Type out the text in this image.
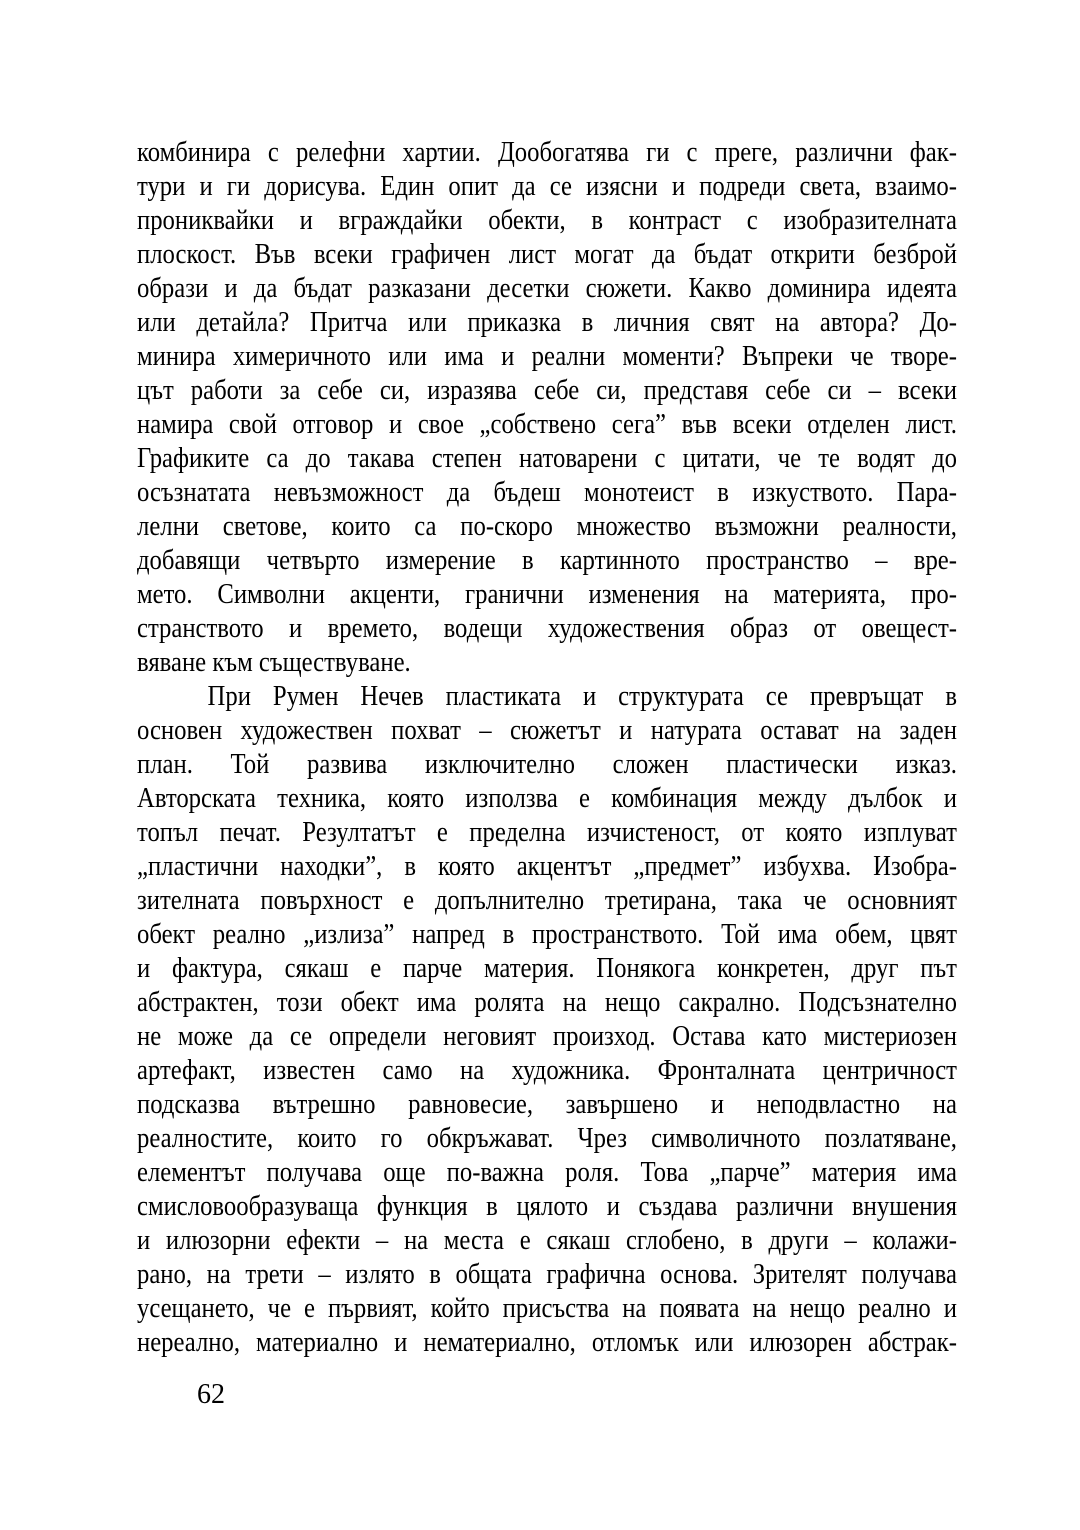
комбинира с релефни хартии. Дообогатява ги с преге, различни фак-
тури и ги дорисува. Един опит да се изясни и подреди света, взаимо-
прониквайки и вграждайки обекти, в контраст с изобразителната
плоскост. Във всеки графичен лист могат да бъдат открити безброй
образи и да бъдат разказани десетки сюжети. Какво доминира идеята
или детайла? Притча или приказка в личния свят на автора? До-
минира химеричното или има и реални моменти? Въпреки че творе-
цът работи за себе си, изразява себе си, представя себе си – всеки
намира свой отговор и свое „собствено сега” във всеки отделен лист.
Графиките са до такава степен натоварени с цитати, че те водят до
осъзнатата невъзможност да бъдеш монотеист в изкуството. Пара-
лелни светове, които са по-скоро множество възможни реалности,
добавящи четвърто измерение в картинното пространство – вре-
мето. Символни акценти, гранични изменения на материята, про-
странството и времето, водещи художествения образ от овещест-
вяване към съществуване.
При Румен Нечев пластиката и структурата се превръщат в
основен художествен похват – сюжетът и натурата остават на заден
план. Той развива изключително сложен пластически изказ.
Авторската техника, която използва е комбинация между дълбок и
топъл печат. Резултатът е пределна изчистеност, от която изплуват
„пластични находки”, в която акцентът „предмет” избухва. Изобра-
зителната повърхност е допълнително третирана, така че основният
обект реално „излиза” напред в пространството. Той има обем, цвят
и фактура, сякаш е парче материя. Понякога конкретен, друг път
абстрактен, този обект има ролята на нещо сакрално. Подсъзнателно
не може да се определи неговият произход. Остава като мистериозен
артефакт, известен само на художника. Фронталната центричност
подсказва вътрешно равновесие, завършено и неподвластно на
реалностите, които го обкръжават. Чрез символичното позлатяване,
елементът получава още по-важна роля. Това „парче” материя има
смисловообразуваща функция в цялото и създава различни внушения
и илюзорни ефекти – на места е сякаш сглобено, в други – колажи-
рано, на трети – излято в общата графична основа. Зрителят получава
усещането, че е първият, който присъства на появата на нещо реално и
нереално, материално и нематериално, отломък или илюзорен абстрак-
62
